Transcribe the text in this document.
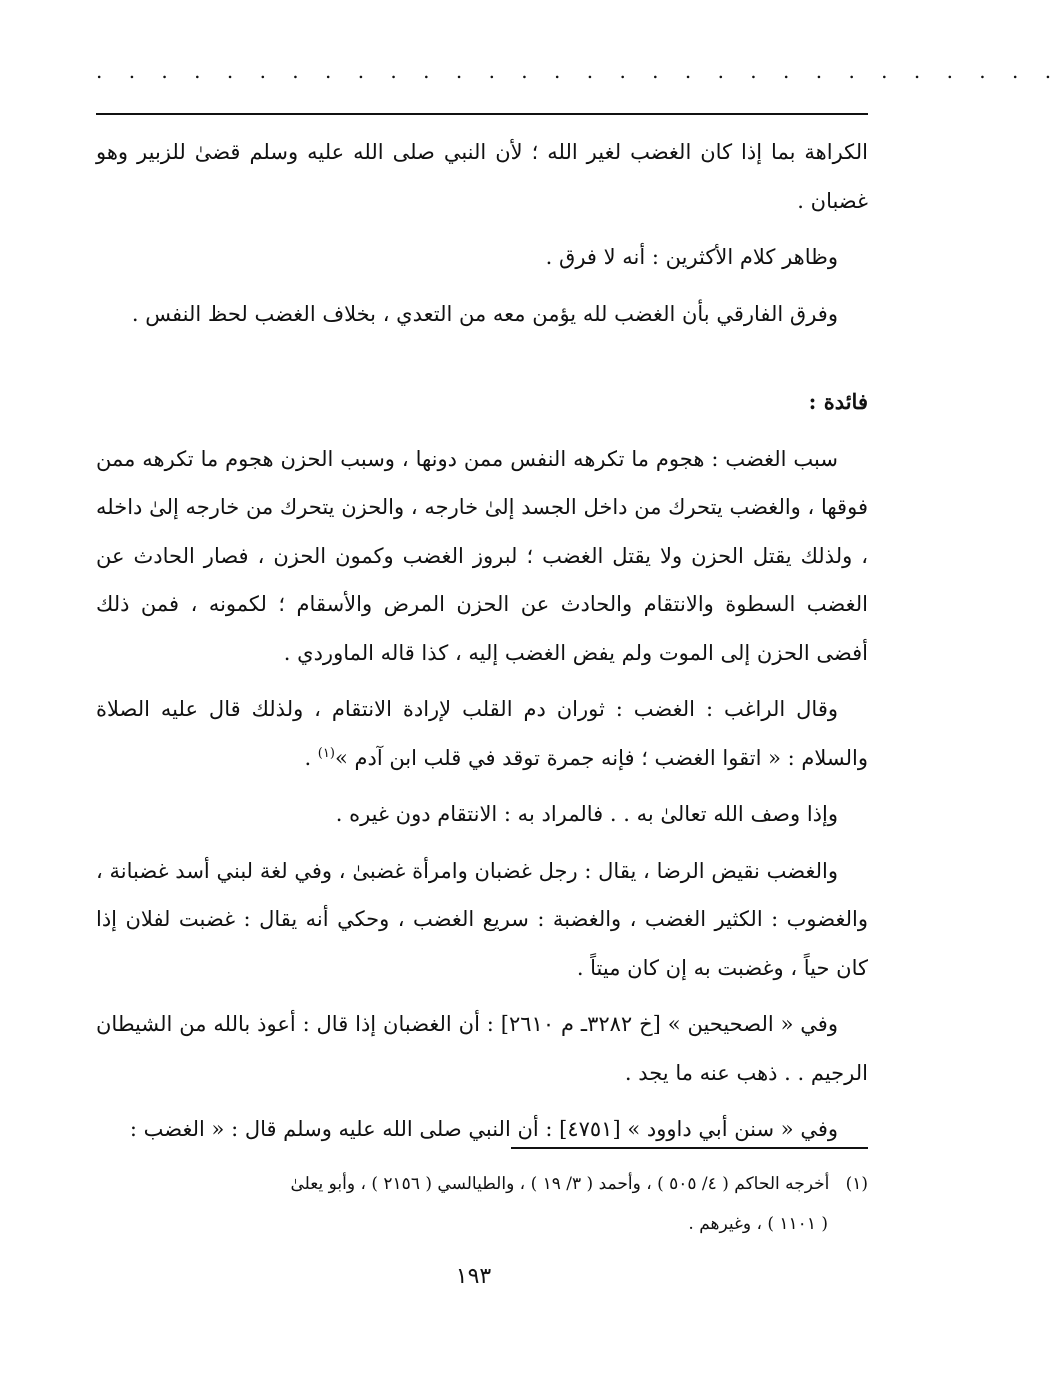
. . . . . . . . . . . . . . . . . . . . . . . . . . . . . .

الكراهة بما إذا كان الغضب لغير الله ؛ لأن النبي صلى الله عليه وسلم قضىٰ للزبير وهو غضبان .

وظاهر كلام الأكثرين : أنه لا فرق .

وفرق الفارقي بأن الغضب لله يؤمن معه من التعدي ، بخلاف الغضب لحظ النفس .

فائدة :

سبب الغضب : هجوم ما تكرهه النفس ممن دونها ، وسبب الحزن هجوم ما تكرهه ممن فوقها ، والغضب يتحرك من داخل الجسد إلىٰ خارجه ، والحزن يتحرك من خارجه إلىٰ داخله ، ولذلك يقتل الحزن ولا يقتل الغضب ؛ لبروز الغضب وكمون الحزن ، فصار الحادث عن الغضب السطوة والانتقام والحادث عن الحزن المرض والأسقام ؛ لكمونه ، فمن ذلك أفضى الحزن إلى الموت ولم يفض الغضب إليه ، كذا قاله الماوردي .

وقال الراغب : الغضب : ثوران دم القلب لإرادة الانتقام ، ولذلك قال عليه الصلاة والسلام : « اتقوا الغضب ؛ فإنه جمرة توقد في قلب ابن آدم »$^{(١)}$ .

وإذا وصف الله تعالىٰ به . . فالمراد به : الانتقام دون غيره .

والغضب نقيض الرضا ، يقال : رجل غضبان وامرأة غضبىٰ ، وفي لغة لبني أسد غضبانة ، والغضوب : الكثير الغضب ، والغضبة : سريع الغضب ، وحكي أنه يقال : غضبت لفلان إذا كان حياً ، وغضبت به إن كان ميتاً .

وفي « الصحيحين » [خ ٣٢٨٢ـ م ٢٦١٠] : أن الغضبان إذا قال : أعوذ بالله من الشيطان الرجيم . . ذهب عنه ما يجد .

وفي « سنن أبي داوود » [٤٧٥١] : أن النبي صلى الله عليه وسلم قال : « الغضب :

(١)   أخرجه الحاكم ( ٤/ ٥٠٥ ) ، وأحمد ( ٣/ ١٩ ) ، والطيالسي ( ٢١٥٦ ) ، وأبو يعلىٰ

( ١١٠١ ) ، وغيرهم .

١٩٣
